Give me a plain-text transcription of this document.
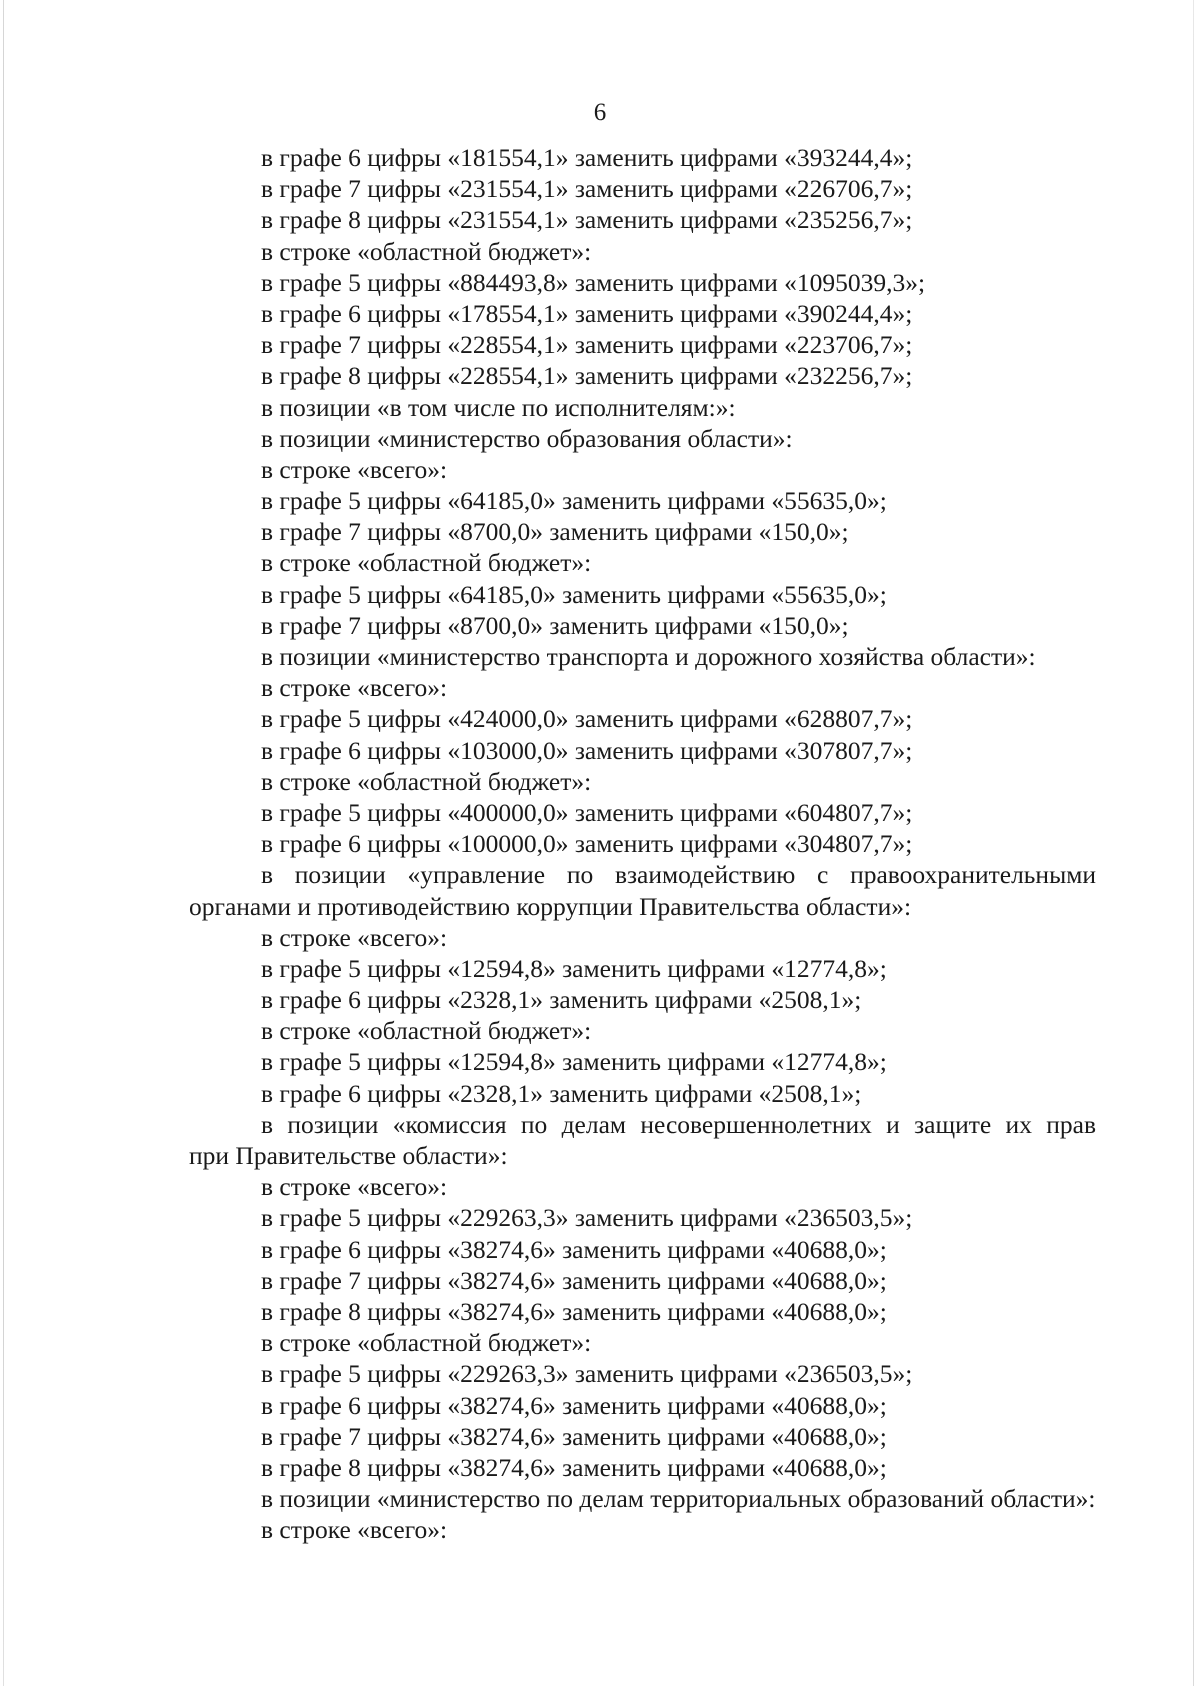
6
в графе 6 цифры «181554,1» заменить цифрами «393244,4»;
в графе 7 цифры «231554,1» заменить цифрами «226706,7»;
в графе 8 цифры «231554,1» заменить цифрами «235256,7»;
в строке «областной бюджет»:
в графе 5 цифры «884493,8» заменить цифрами «1095039,3»;
в графе 6 цифры «178554,1» заменить цифрами «390244,4»;
в графе 7 цифры «228554,1» заменить цифрами «223706,7»;
в графе 8 цифры «228554,1» заменить цифрами «232256,7»;
в позиции «в том числе по исполнителям:»:
в позиции «министерство образования области»:
в строке «всего»:
в графе 5 цифры «64185,0» заменить цифрами «55635,0»;
в графе 7 цифры «8700,0» заменить цифрами «150,0»;
в строке «областной бюджет»:
в графе 5 цифры «64185,0» заменить цифрами «55635,0»;
в графе 7 цифры «8700,0» заменить цифрами «150,0»;
в позиции «министерство транспорта и дорожного хозяйства области»:
в строке «всего»:
в графе 5 цифры «424000,0» заменить цифрами «628807,7»;
в графе 6 цифры «103000,0» заменить цифрами «307807,7»;
в строке «областной бюджет»:
в графе 5 цифры «400000,0» заменить цифрами «604807,7»;
в графе 6 цифры «100000,0» заменить цифрами «304807,7»;
в позиции «управление по взаимодействию с правоохранительными
органами и противодействию коррупции Правительства области»:
в строке «всего»:
в графе 5 цифры «12594,8» заменить цифрами «12774,8»;
в графе 6 цифры «2328,1» заменить цифрами «2508,1»;
в строке «областной бюджет»:
в графе 5 цифры «12594,8» заменить цифрами «12774,8»;
в графе 6 цифры «2328,1» заменить цифрами «2508,1»;
в позиции «комиссия по делам несовершеннолетних и защите их прав
при Правительстве области»:
в строке «всего»:
в графе 5 цифры «229263,3» заменить цифрами «236503,5»;
в графе 6 цифры «38274,6» заменить цифрами «40688,0»;
в графе 7 цифры «38274,6» заменить цифрами «40688,0»;
в графе 8 цифры «38274,6» заменить цифрами «40688,0»;
в строке «областной бюджет»:
в графе 5 цифры «229263,3» заменить цифрами «236503,5»;
в графе 6 цифры «38274,6» заменить цифрами «40688,0»;
в графе 7 цифры «38274,6» заменить цифрами «40688,0»;
в графе 8 цифры «38274,6» заменить цифрами «40688,0»;
в позиции «министерство по делам территориальных образований области»:
в строке «всего»:
